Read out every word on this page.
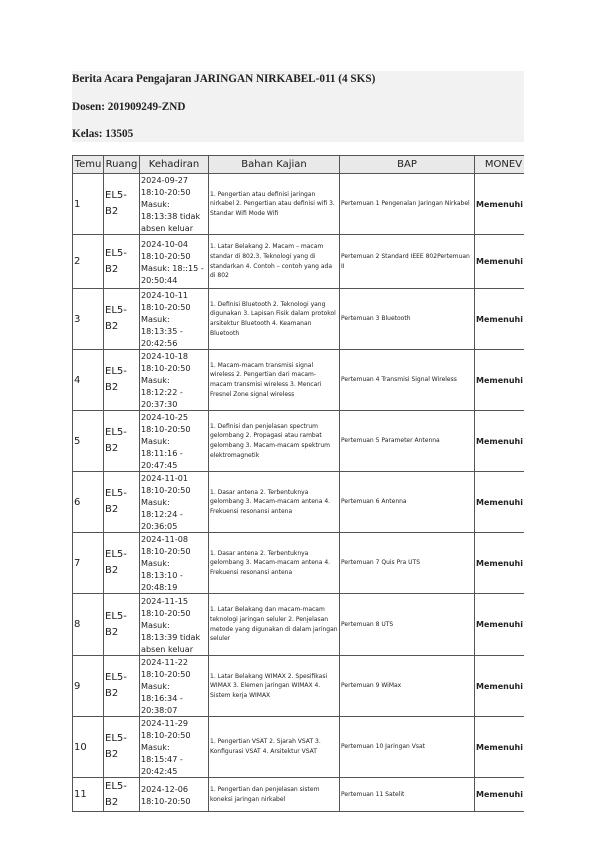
Berita Acara Pengajaran JARINGAN NIRKABEL-011 (4 SKS)
Dosen: 201909249-ZND
Kelas: 13505
Temu	Ruang	Kehadiran	Bahan Kajian	BAP	MONEV
1	EL5-B2	2024-09-27 18:10-20:50 Masuk: 18:13:38 tidak absen keluar	1. Pengertian atau definisi jaringan nirkabel 2. Pengertian atau definisi wifi 3. Standar Wifi Mode Wifi	Pertemuan 1 Pengenalan Jaringan Nirkabel	Memenuhi
2	EL5-B2	2024-10-04 18:10-20:50 Masuk: 18::15 - 20:50:44	1. Latar Belakang 2. Macam – macam standar di 802.3. Teknologi yang di standarkan 4. Contoh – contoh yang ada di 802	Pertemuan 2 Standard IEEE 802Pertemuan II	Memenuhi
3	EL5-B2	2024-10-11 18:10-20:50 Masuk: 18:13:35 - 20:42:56	1. Definisi Bluetooth 2. Teknologi yang digunakan 3. Lapisan Fisik dalam protokol arsitektur Bluetooth 4. Keamanan Bluetooth	Pertemuan 3 Bluetooth	Memenuhi
4	EL5-B2	2024-10-18 18:10-20:50 Masuk: 18:12:22 - 20:37:30	1. Macam-macam transmisi signal wireless 2. Pengertian dari macam-macam transmisi wireless 3. Mencari Fresnel Zone signal wireless	Pertemuan 4 Transmisi Signal Wireless	Memenuhi
5	EL5-B2	2024-10-25 18:10-20:50 Masuk: 18:11:16 - 20:47:45	1. Definisi dan penjelasan spectrum gelombang 2. Propagasi atau rambat gelombang 3. Macam-macam spektrum elektromagnetik	Pertemuan 5 Parameter Antenna	Memenuhi
6	EL5-B2	2024-11-01 18:10-20:50 Masuk: 18:12:24 - 20:36:05	1. Dasar antena 2. Terbentuknya gelombang 3. Macam-macam antena 4. Frekuensi resonansi antena	Pertemuan 6 Antenna	Memenuhi
7	EL5-B2	2024-11-08 18:10-20:50 Masuk: 18:13:10 - 20:48:19	1. Dasar antena 2. Terbentuknya gelombang 3. Macam-macam antena 4. Frekuensi resonansi antena	Pertemuan 7 Quis Pra UTS	Memenuhi
8	EL5-B2	2024-11-15 18:10-20:50 Masuk: 18:13:39 tidak absen keluar	1. Latar Belakang dan macam-macam teknologi jaringan seluler 2. Penjelasan metode yang digunakan di dalam jaringan seluler	Pertemuan 8 UTS	Memenuhi
9	EL5-B2	2024-11-22 18:10-20:50 Masuk: 18:16:34 - 20:38:07	1. Latar Belakang WIMAX 2. Spesifikasi WIMAX 3. Elemen jaringan WIMAX 4. Sistem kerja WIMAX	Pertemuan 9 WiMax	Memenuhi
10	EL5-B2	2024-11-29 18:10-20:50 Masuk: 18:15:47 - 20:42:45	1. Pengertian VSAT 2. Sjarah VSAT 3. Konfigurasi VSAT 4. Arsitektur VSAT	Pertemuan 10 Jaringan Vsat	Memenuhi
11	EL5-B2	2024-12-06 18:10-20:50	1. Pengertian dan penjelasan sistem koneksi jaringan nirkabel	Pertemuan 11 Satelit	Memenuhi
